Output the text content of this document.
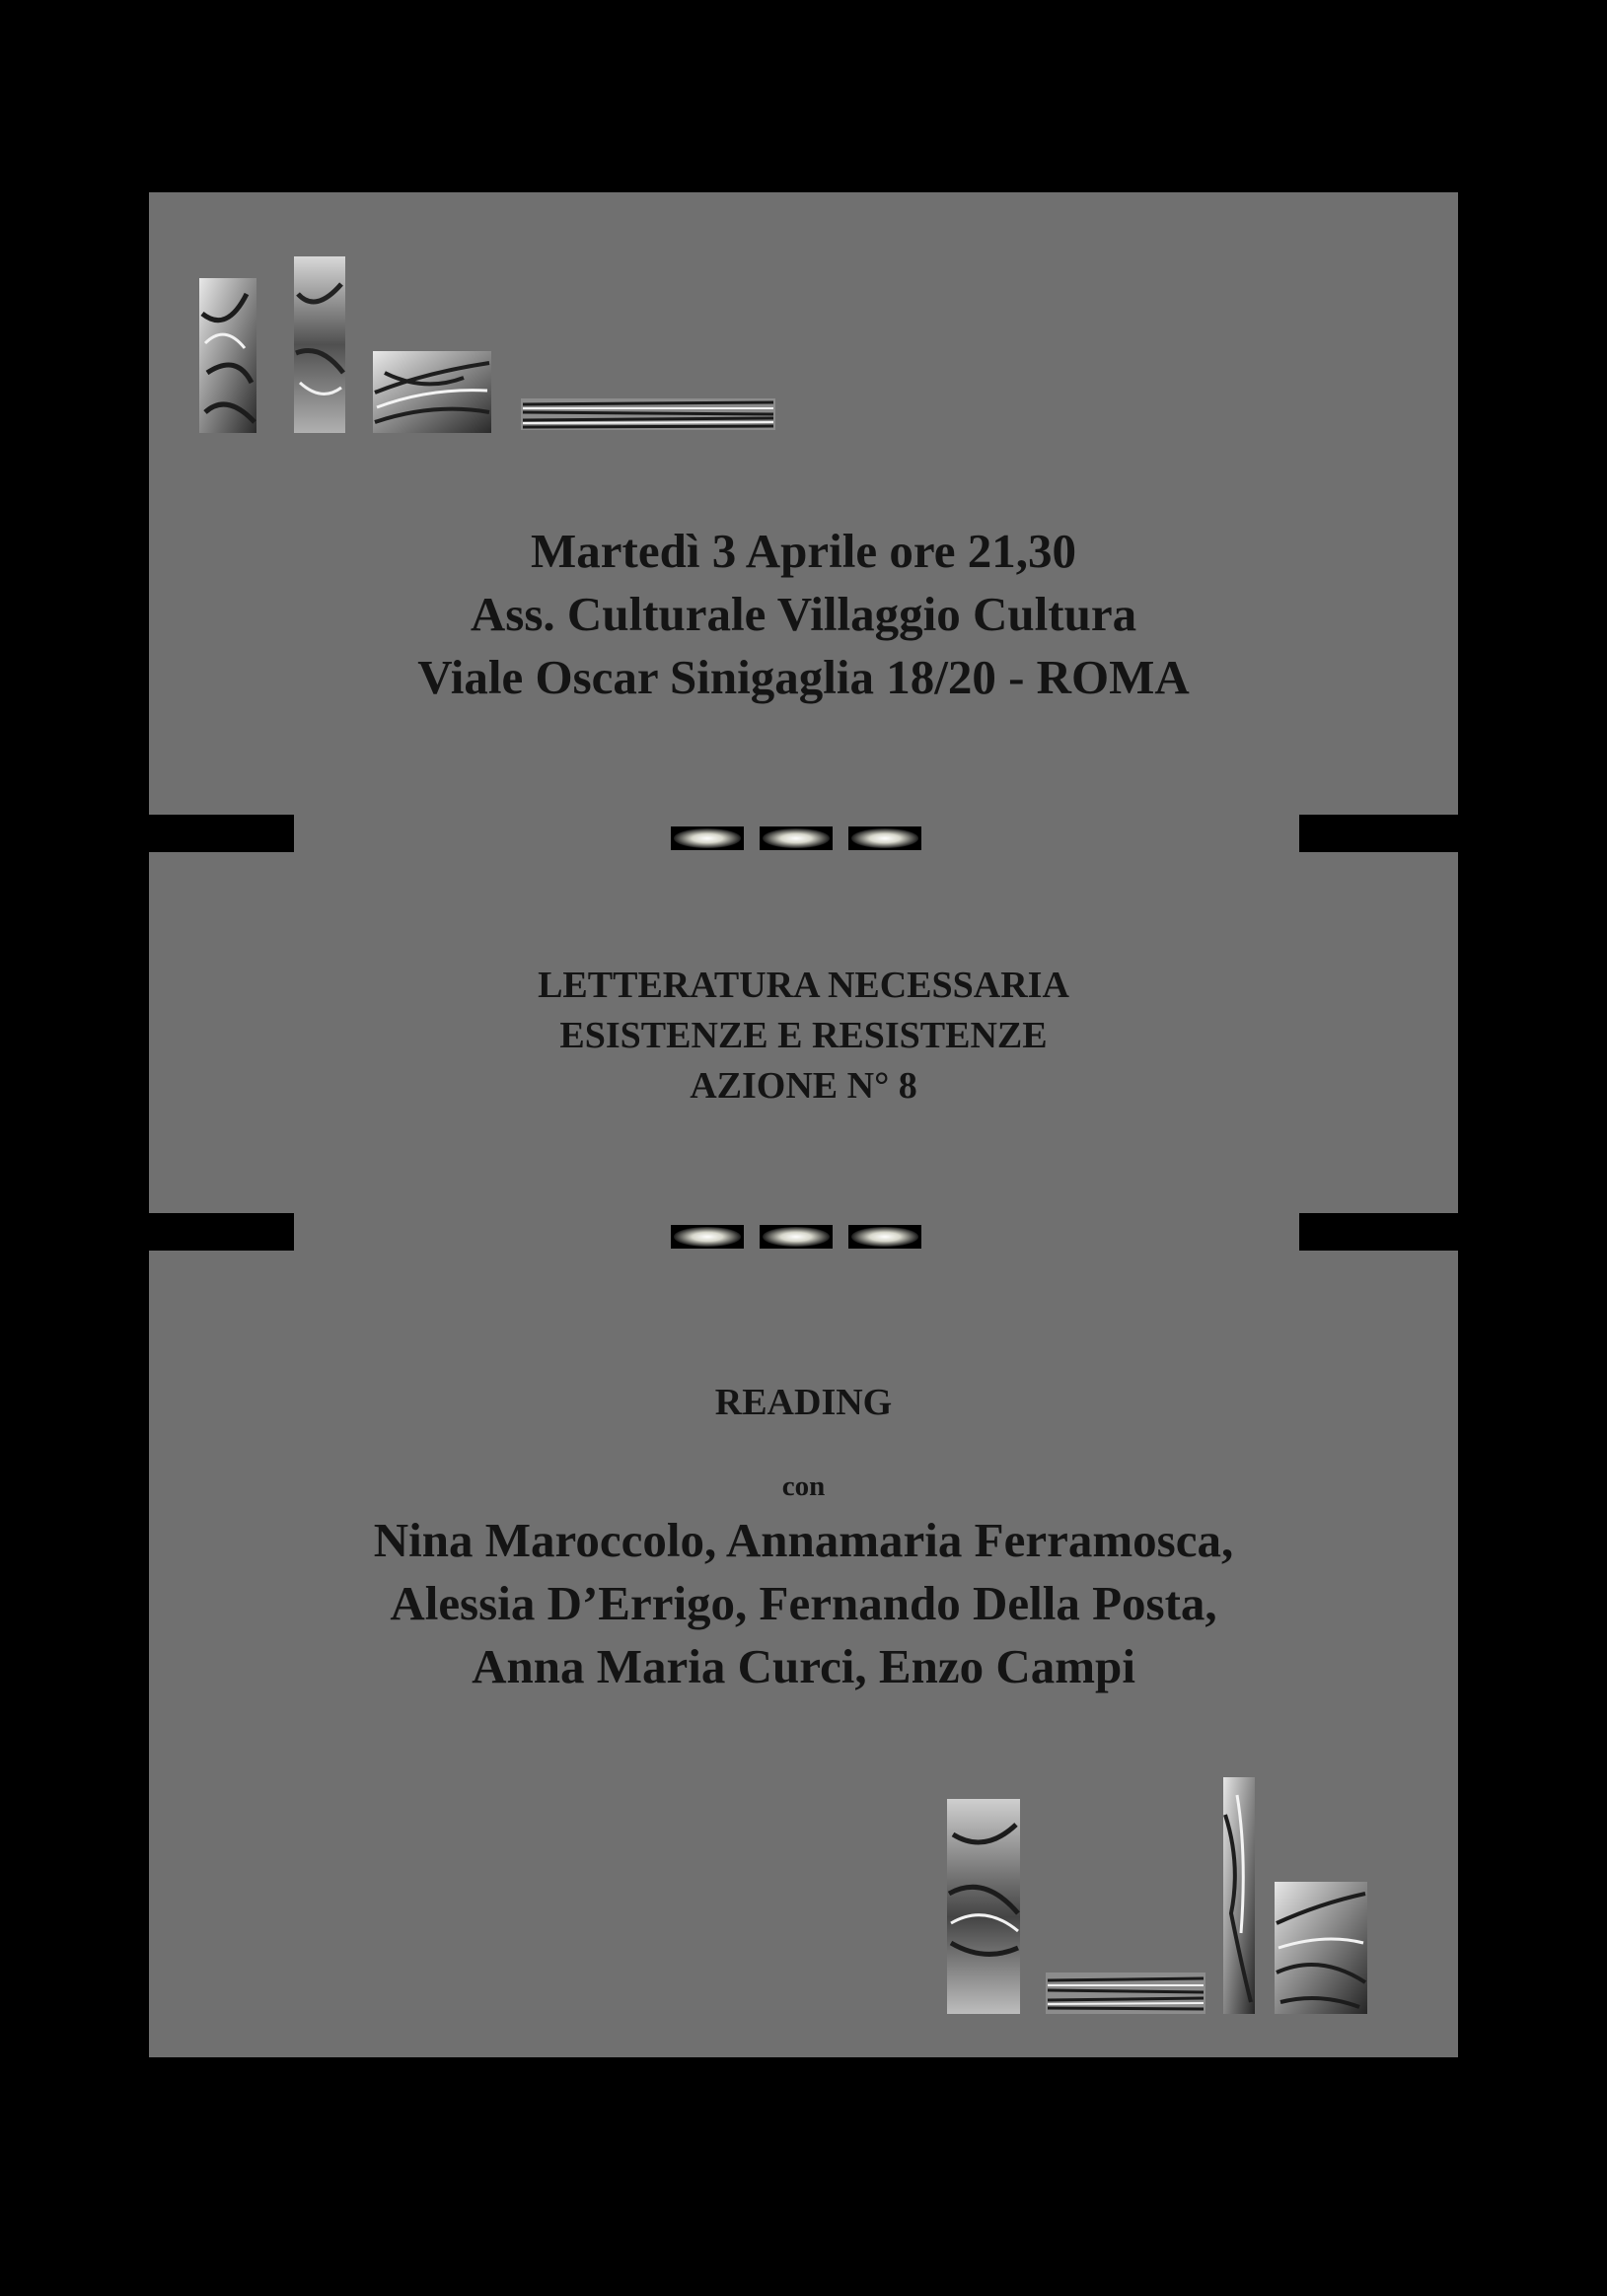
Martedì 3 Aprile ore 21,30
Ass. Culturale Villaggio Cultura
Viale Oscar Sinigaglia 18/20 - ROMA
LETTERATURA NECESSARIA
ESISTENZE E RESISTENZE
AZIONE N° 8
READING
con
Nina Maroccolo, Annamaria Ferramosca,
Alessia D’Errigo, Fernando Della Posta,
Anna Maria Curci, Enzo Campi
